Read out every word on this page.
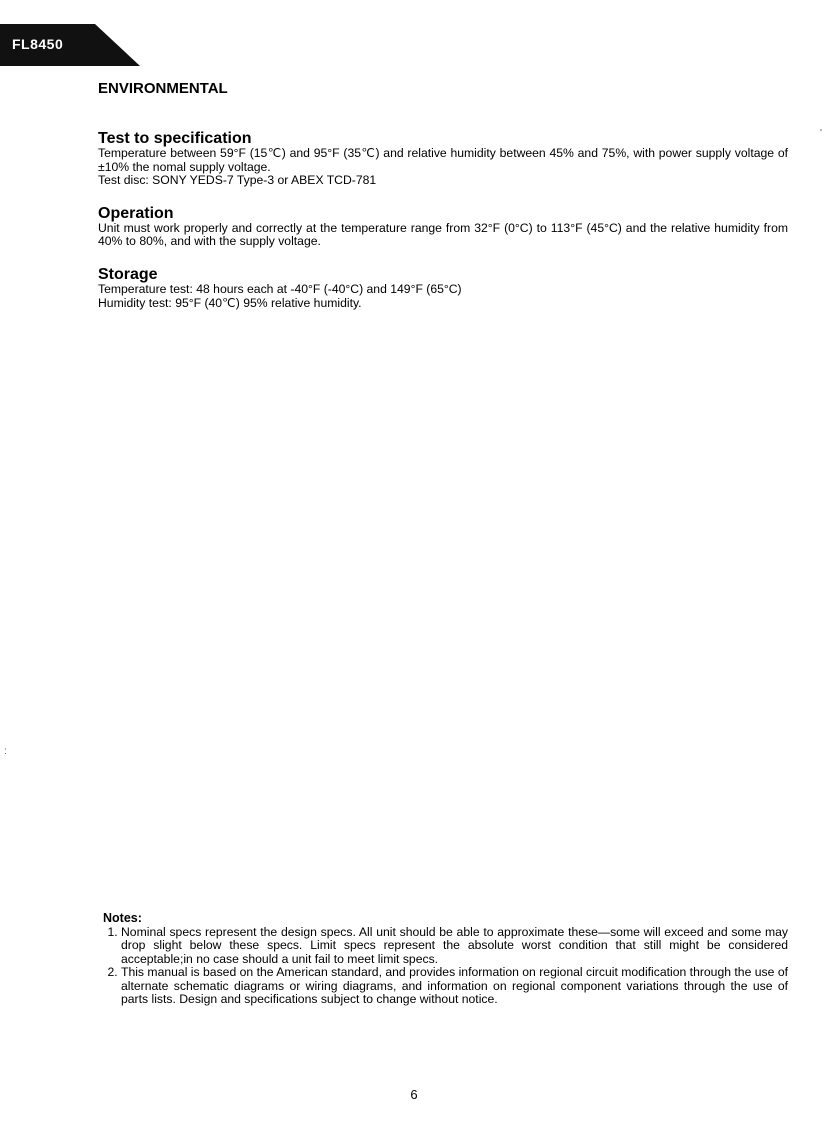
FL8450
ENVIRONMENTAL
Test to specification

Temperature between 59°F (15℃) and 95°F (35℃) and relative humidity between 45% and 75%, with power supply voltage of ±10% the nomal supply voltage.

Test disc: SONY YEDS-7 Type-3 or ABEX TCD-781

Operation

Unit must work properly and correctly at the temperature range from 32°F (0°C) to 113°F (45°C) and the relative humidity from 40% to 80%, and with the supply voltage.

Storage

Temperature test: 48 hours each at -40°F (-40°C) and 149°F (65°C)

Humidity test: 95°F (40℃) 95% relative humidity.

Notes:

1. Nominal specs represent the design specs. All unit should be able to approximate these—some will exceed and some may drop slight below these specs. Limit specs represent the absolute worst condition that still might be considered acceptable;in no case should a unit fail to meet limit specs.
2. This manual is based on the American standard, and provides information on regional circuit modification through the use of alternate schematic diagrams or wiring diagrams, and information on regional component variations through the use of parts lists. Design and specifications subject to change without notice.
6
'
:
